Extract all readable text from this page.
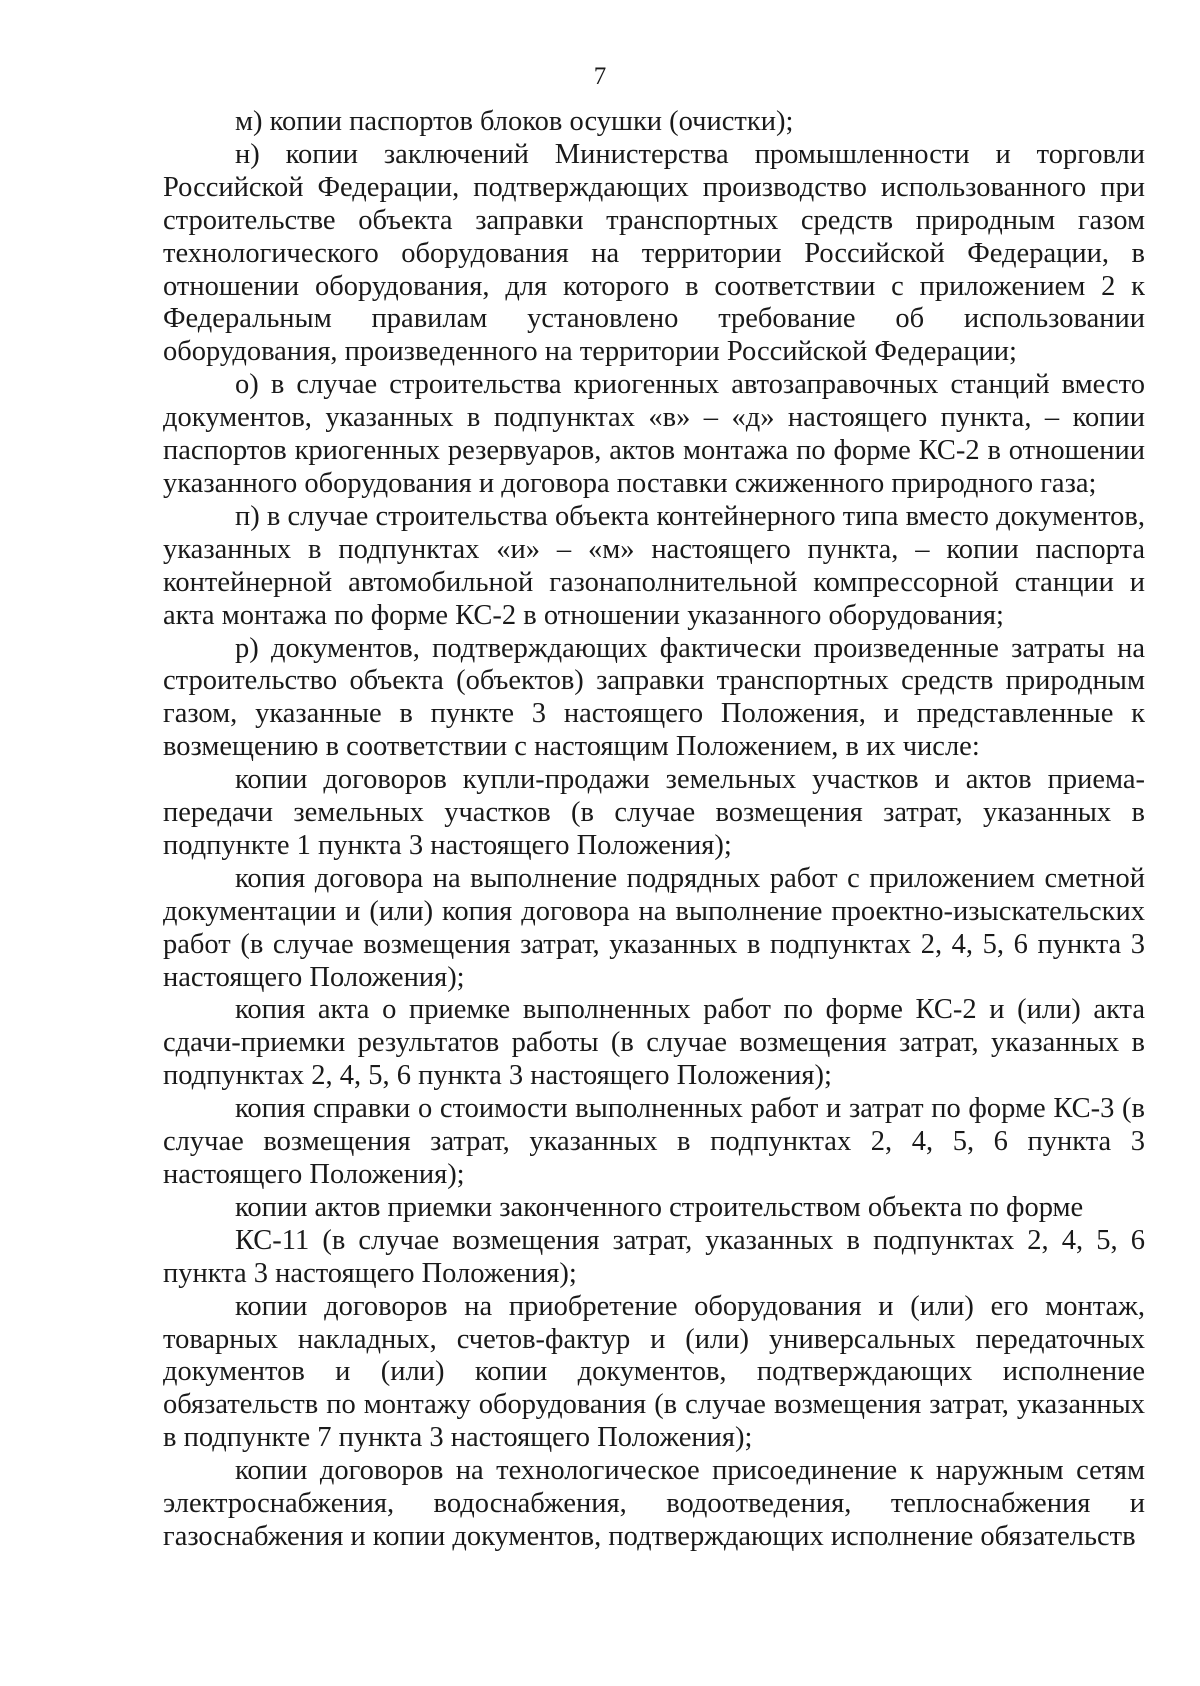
7

м) копии паспортов блоков осушки (очистки);

н) копии заключений Министерства промышленности и торговли Российской Федерации, подтверждающих производство использованного при строительстве объекта заправки транспортных средств природным газом технологического оборудования на территории Российской Федерации, в отношении оборудования, для которого в соответствии с приложением 2 к Федеральным правилам установлено требование об использовании оборудования, произведенного на территории Российской Федерации;

о) в случае строительства криогенных автозаправочных станций вместо документов, указанных в подпунктах «в» – «д» настоящего пункта, – копии паспортов криогенных резервуаров, актов монтажа по форме КС-2 в отношении указанного оборудования и договора поставки сжиженного природного газа;

п) в случае строительства объекта контейнерного типа вместо документов, указанных в подпунктах «и» – «м» настоящего пункта, – копии паспорта контейнерной автомобильной газонаполнительной компрессорной станции и акта монтажа по форме КС-2 в отношении указанного оборудования;

р) документов, подтверждающих фактически произведенные затраты на строительство объекта (объектов) заправки транспортных средств природным газом, указанные в пункте 3 настоящего Положения, и представленные к возмещению в соответствии с настоящим Положением, в их числе:

копии договоров купли-продажи земельных участков и актов приема-передачи земельных участков (в случае возмещения затрат, указанных в подпункте 1 пункта 3 настоящего Положения);

копия договора на выполнение подрядных работ с приложением сметной документации и (или) копия договора на выполнение проектно-изыскательских работ (в случае возмещения затрат, указанных в подпунктах 2, 4, 5, 6 пункта 3 настоящего Положения);

копия акта о приемке выполненных работ по форме КС-2 и (или) акта сдачи-приемки результатов работы (в случае возмещения затрат, указанных в подпунктах 2, 4, 5, 6 пункта 3 настоящего Положения);

копия справки о стоимости выполненных работ и затрат по форме КС-3 (в случае возмещения затрат, указанных в подпунктах 2, 4, 5, 6 пункта 3 настоящего Положения);

копии актов приемки законченного строительством объекта по форме

КС-11 (в случае возмещения затрат, указанных в подпунктах 2, 4, 5, 6 пункта 3 настоящего Положения);

копии договоров на приобретение оборудования и (или) его монтаж, товарных накладных, счетов-фактур и (или) универсальных передаточных документов и (или) копии документов, подтверждающих исполнение обязательств по монтажу оборудования (в случае возмещения затрат, указанных в подпункте 7 пункта 3 настоящего Положения);

копии договоров на технологическое присоединение к наружным сетям электроснабжения, водоснабжения, водоотведения, теплоснабжения и газоснабжения и копии документов, подтверждающих исполнение обязательств
